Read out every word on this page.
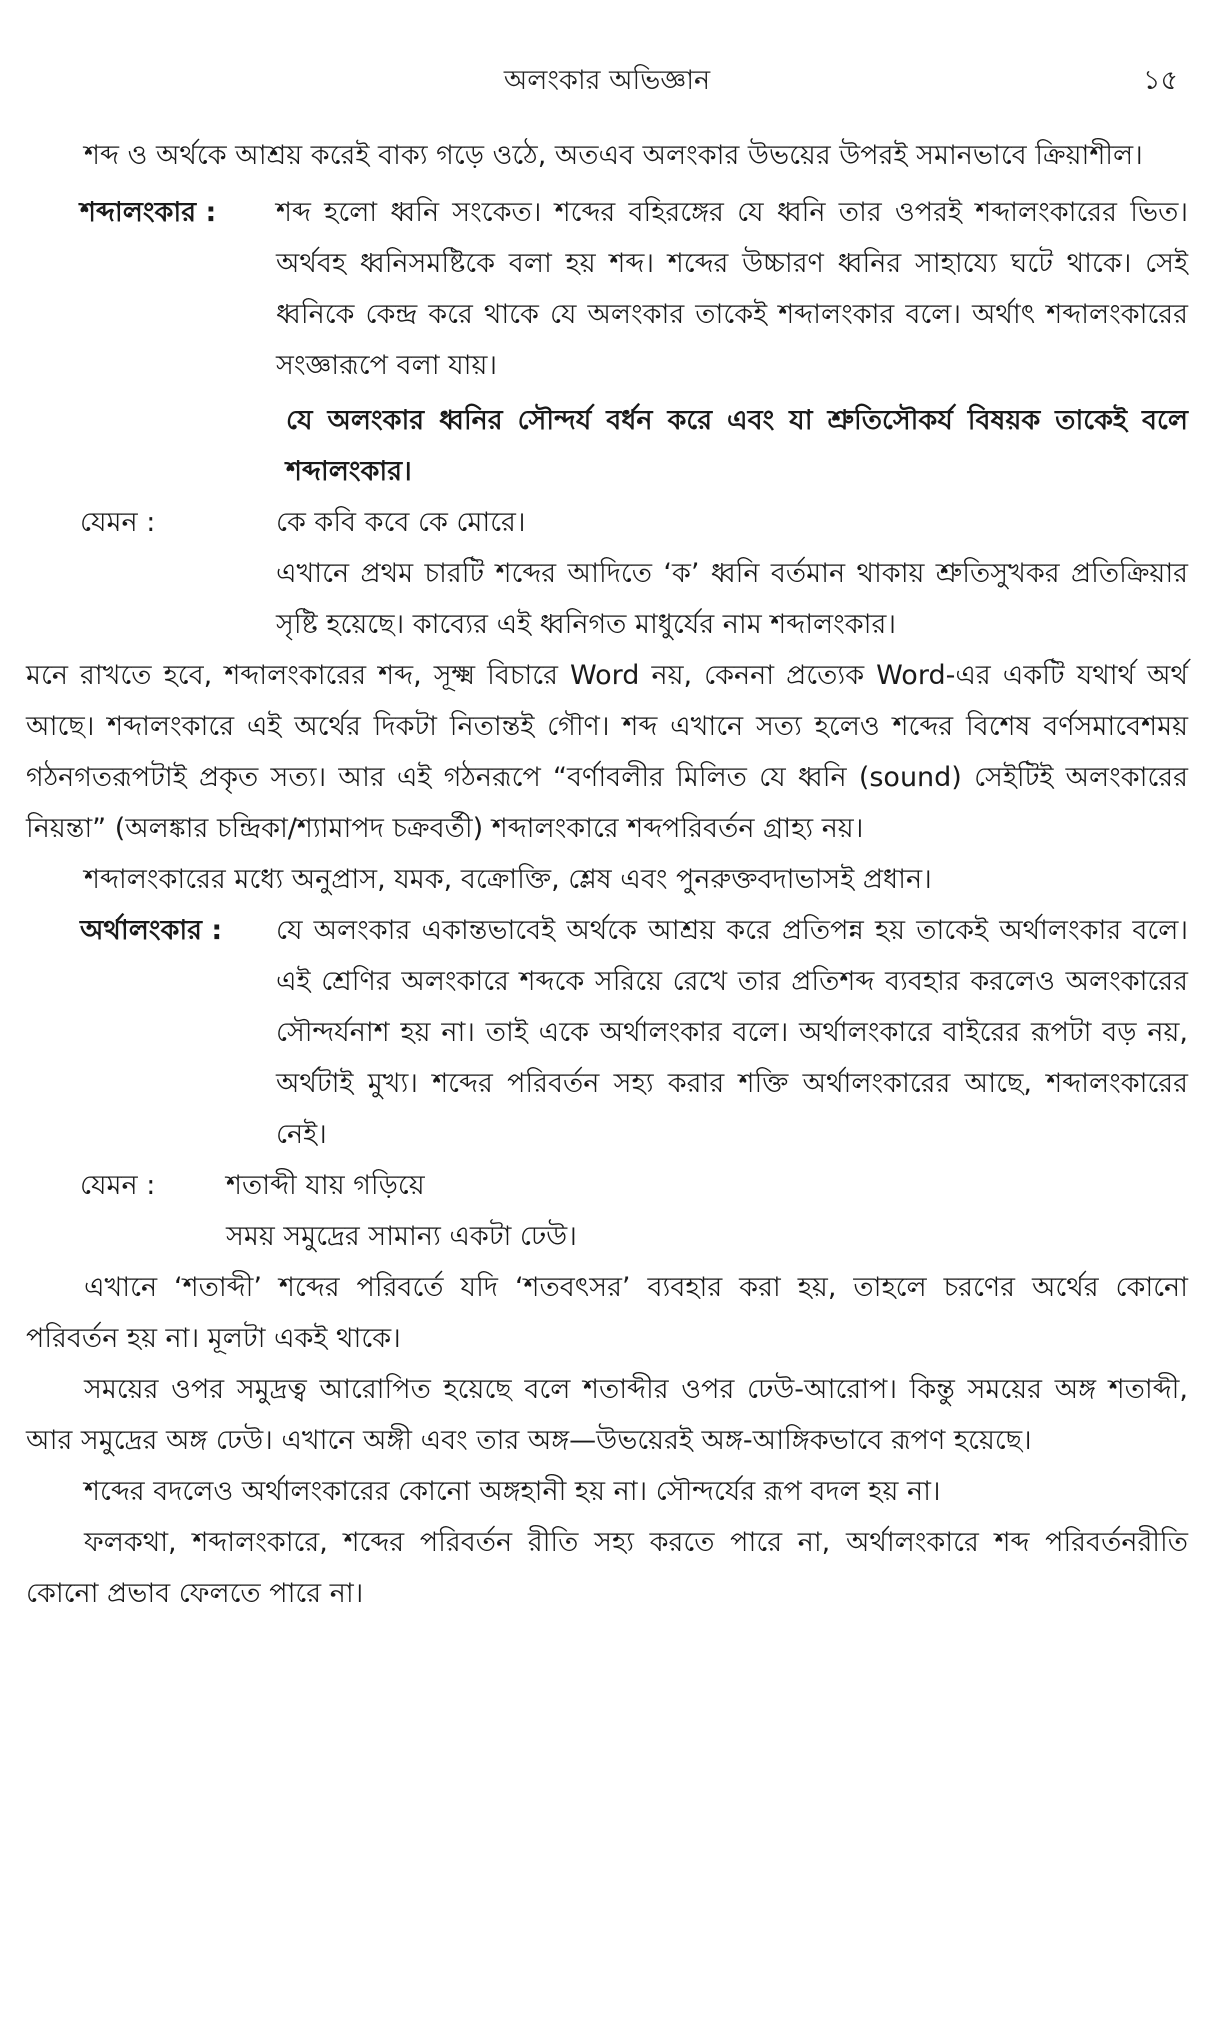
অলংকার অভিজ্ঞান	১৫

শব্দ ও অর্থকে আশ্রয় করেই বাক্য গড়ে ওঠে, অতএব অলংকার উভয়ের উপরই সমানভাবে ক্রিয়াশীল।

শব্দালংকার :	শব্দ হলো ধ্বনি সংকেত। শব্দের বহিরঙ্গের যে ধ্বনি তার ওপরই শব্দালংকারের ভিত। অর্থবহ ধ্বনিসমষ্টিকে বলা হয় শব্দ। শব্দের উচ্চারণ ধ্বনির সাহায্যে ঘটে থাকে। সেই ধ্বনিকে কেন্দ্র করে থাকে যে অলংকার তাকেই শব্দালংকার বলে। অর্থাৎ শব্দালংকারের সংজ্ঞারূপে বলা যায়।
যে অলংকার ধ্বনির সৌন্দর্য বর্ধন করে এবং যা শ্রুতিসৌকর্য বিষয়ক তাকেই বলে শব্দালংকার।
যেমন :	কে কবি কবে কে মোরে।
এখানে প্রথম চারটি শব্দের আদিতে ‘ক’ ধ্বনি বর্তমান থাকায় শ্রুতিসুখকর প্রতিক্রিয়ার সৃষ্টি হয়েছে। কাব্যের এই ধ্বনিগত মাধুর্যের নাম শব্দালংকার।

মনে রাখতে হবে, শব্দালংকারের শব্দ, সূক্ষ্ম বিচারে Word নয়, কেননা প্রত্যেক Word-এর একটি যথার্থ অর্থ আছে। শব্দালংকারে এই অর্থের দিকটা নিতান্তই গৌণ। শব্দ এখানে সত্য হলেও শব্দের বিশেষ বর্ণসমাবেশময় গঠনগতরূপটাই প্রকৃত সত্য। আর এই গঠনরূপে “বর্ণাবলীর মিলিত যে ধ্বনি (sound) সেইটিই অলংকারের নিয়ন্তা” (অলঙ্কার চন্দ্রিকা/শ্যামাপদ চক্রবর্তী) শব্দালংকারে শব্দপরিবর্তন গ্রাহ্য নয়।

শব্দালংকারের মধ্যে অনুপ্রাস, যমক, বক্রোক্তি, শ্লেষ এবং পুনরুক্তবদাভাসই প্রধান।

অর্থালংকার :	যে অলংকার একান্তভাবেই অর্থকে আশ্রয় করে প্রতিপন্ন হয় তাকেই অর্থালংকার বলে। এই শ্রেণির অলংকারে শব্দকে সরিয়ে রেখে তার প্রতিশব্দ ব্যবহার করলেও অলংকারের সৌন্দর্যনাশ হয় না। তাই একে অর্থালংকার বলে। অর্থালংকারে বাইরের রূপটা বড় নয়, অর্থটাই মুখ্য। শব্দের পরিবর্তন সহ্য করার শক্তি অর্থালংকারের আছে, শব্দালংকারের নেই।
যেমন :	শতাব্দী যায় গড়িয়ে
সময় সমুদ্রের সামান্য একটা ঢেউ।

এখানে ‘শতাব্দী’ শব্দের পরিবর্তে যদি ‘শতবৎসর’ ব্যবহার করা হয়, তাহলে চরণের অর্থের কোনো পরিবর্তন হয় না। মূলটা একই থাকে।

সময়ের ওপর সমুদ্রত্ব আরোপিত হয়েছে বলে শতাব্দীর ওপর ঢেউ-আরোপ। কিন্তু সময়ের অঙ্গ শতাব্দী, আর সমুদ্রের অঙ্গ ঢেউ। এখানে অঙ্গী এবং তার অঙ্গ—উভয়েরই অঙ্গ-আঙ্গিকভাবে রূপণ হয়েছে।

শব্দের বদলেও অর্থালংকারের কোনো অঙ্গহানী হয় না। সৌন্দর্যের রূপ বদল হয় না।

ফলকথা, শব্দালংকারে, শব্দের পরিবর্তন রীতি সহ্য করতে পারে না, অর্থালংকারে শব্দ পরিবর্তনরীতি কোনো প্রভাব ফেলতে পারে না।
